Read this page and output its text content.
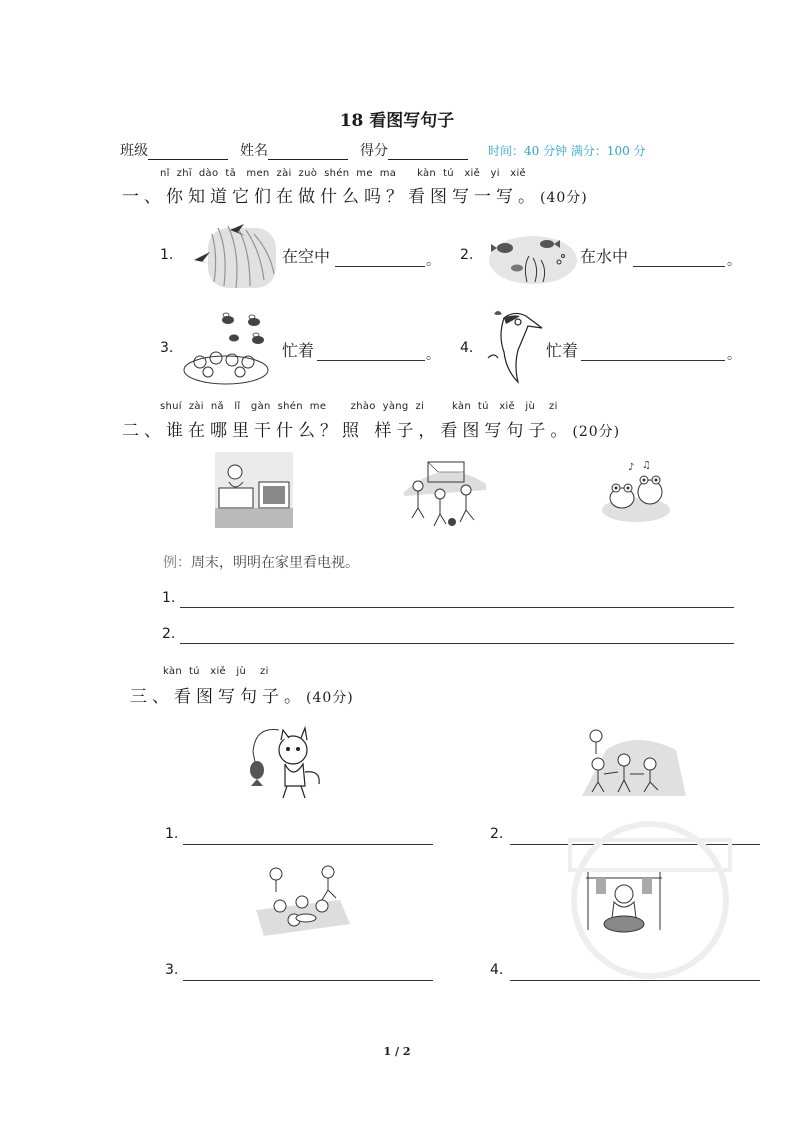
18 看图写句子
班级	姓名	得分	时间：40 分钟 满分：100 分
nǐ  zhī  dào  tā   men  zài  zuò  shén  me  ma      kàn  tú   xiě   yi   xiě
一、你知道它们在做什么吗？看图写一写。(40分)
1.	在空中	。 2.	在水中	。
3.	忙着	。 4.	忙着	。
shuí  zài  nǎ   lǐ   gàn  shén  me       zhào  yàng  zi        kàn  tú   xiě   jù    zi
二、谁在哪里干什么？照 样子，看图写句子。(20分)
♪ ♫
例：周末，明明在家里看电视。
1.
2.
kàn  tú   xiě   jù    zi
三、看图写句子。(40分)
1.	2.
3.	4.
1 / 2
